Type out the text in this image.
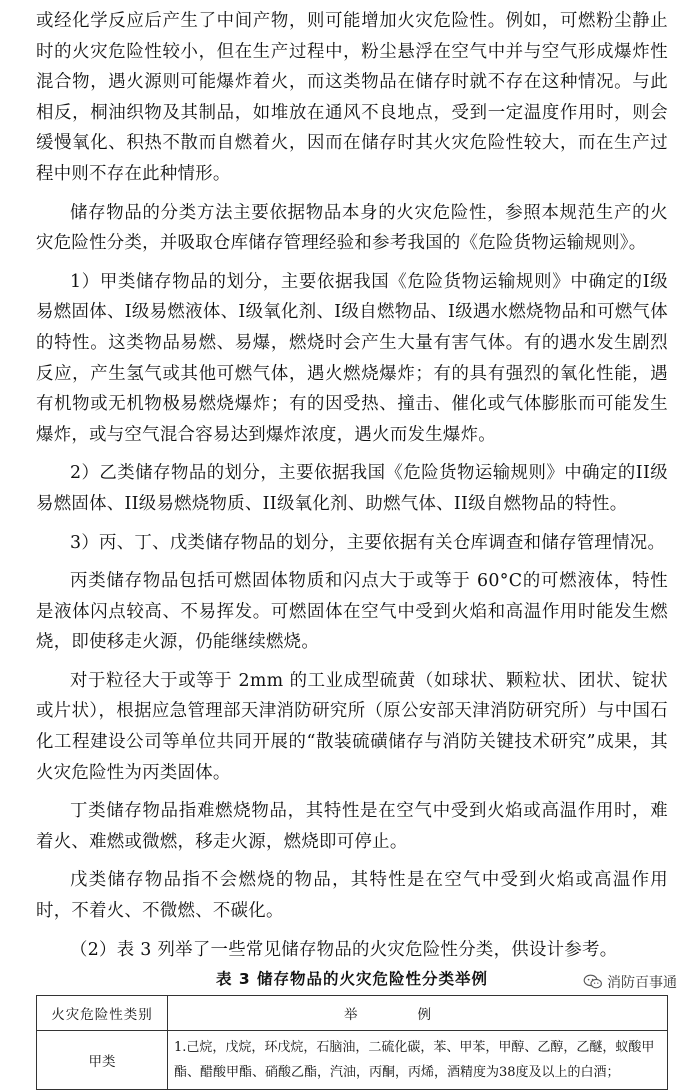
或经化学反应后产生了中间产物，则可能增加火灾危险性。例如，可燃粉尘静止时的火灾危险性较小，但在生产过程中，粉尘悬浮在空气中并与空气形成爆炸性混合物，遇火源则可能爆炸着火，而这类物品在储存时就不存在这种情况。与此相反，桐油织物及其制品，如堆放在通风不良地点，受到一定温度作用时，则会缓慢氧化、积热不散而自燃着火，因而在储存时其火灾危险性较大，而在生产过程中则不存在此种情形。

储存物品的分类方法主要依据物品本身的火灾危险性，参照本规范生产的火灾危险性分类，并吸取仓库储存管理经验和参考我国的《危险货物运输规则》。

1）甲类储存物品的划分，主要依据我国《危险货物运输规则》中确定的I级易燃固体、I级易燃液体、I级氧化剂、I级自燃物品、I级遇水燃烧物品和可燃气体的特性。这类物品易燃、易爆，燃烧时会产生大量有害气体。有的遇水发生剧烈反应，产生氢气或其他可燃气体，遇火燃烧爆炸；有的具有强烈的氧化性能，遇有机物或无机物极易燃烧爆炸；有的因受热、撞击、催化或气体膨胀而可能发生爆炸，或与空气混合容易达到爆炸浓度，遇火而发生爆炸。

2）乙类储存物品的划分，主要依据我国《危险货物运输规则》中确定的II级易燃固体、II级易燃烧物质、II级氧化剂、助燃气体、II级自燃物品的特性。

3）丙、丁、戊类储存物品的划分，主要依据有关仓库调查和储存管理情况。

丙类储存物品包括可燃固体物质和闪点大于或等于 60°C的可燃液体，特性是液体闪点较高、不易挥发。可燃固体在空气中受到火焰和高温作用时能发生燃烧，即使移走火源，仍能继续燃烧。

对于粒径大于或等于 2mm 的工业成型硫黄（如球状、颗粒状、团状、锭状或片状），根据应急管理部天津消防研究所（原公安部天津消防研究所）与中国石化工程建设公司等单位共同开展的“散装硫磺储存与消防关键技术研究”成果，其火灾危险性为丙类固体。

丁类储存物品指难燃烧物品，其特性是在空气中受到火焰或高温作用时，难着火、难燃或微燃，移走火源，燃烧即可停止。

戊类储存物品指不会燃烧的物品，其特性是在空气中受到火焰或高温作用时，不着火、不微燃、不碳化。

（2）表 3 列举了一些常见储存物品的火灾危险性分类，供设计参考。

表 3 储存物品的火灾危险性分类举例
火灾危险性类别	举例
甲类	1.己烷，戊烷，环戊烷，石脑油，二硫化碳，苯、甲苯，甲醇、乙醇，乙醚，蚁酸甲酯、醋酸甲酯、硝酸乙酯，汽油，丙酮，丙烯，酒精度为38度及以上的白酒；
消防百事通
